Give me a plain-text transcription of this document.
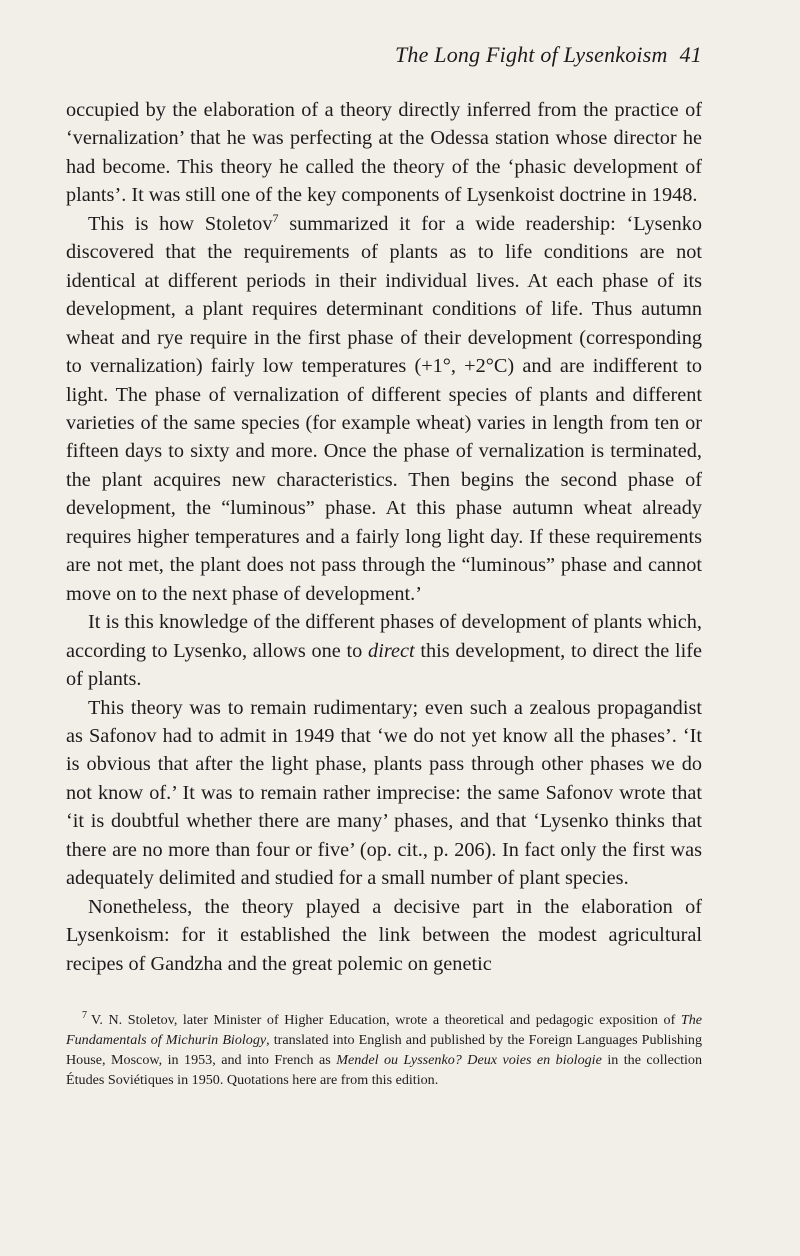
The Long Fight of Lysenkoism 41

occupied by the elaboration of a theory directly inferred from the practice of ‘vernalization’ that he was perfecting at the Odessa station whose director he had become. This theory he called the theory of the ‘phasic development of plants’. It was still one of the key components of Lysenkoist doctrine in 1948.

This is how Stoletov$^7$ summarized it for a wide readership: ‘Lysenko discovered that the requirements of plants as to life conditions are not identical at different periods in their individual lives. At each phase of its development, a plant requires determinant conditions of life. Thus autumn wheat and rye require in the first phase of their development (corresponding to vernalization) fairly low temperatures (+1°, +2°C) and are indifferent to light. The phase of vernalization of different species of plants and different varieties of the same species (for example wheat) varies in length from ten or fifteen days to sixty and more. Once the phase of vernalization is terminated, the plant acquires new characteristics. Then begins the second phase of development, the “luminous” phase. At this phase autumn wheat already requires higher temperatures and a fairly long light day. If these requirements are not met, the plant does not pass through the “luminous” phase and cannot move on to the next phase of development.’

It is this knowledge of the different phases of development of plants which, according to Lysenko, allows one to direct this development, to direct the life of plants.

This theory was to remain rudimentary; even such a zealous propagandist as Safonov had to admit in 1949 that ‘we do not yet know all the phases’. ‘It is obvious that after the light phase, plants pass through other phases we do not know of.’ It was to remain rather imprecise: the same Safonov wrote that ‘it is doubtful whether there are many’ phases, and that ‘Lysenko thinks that there are no more than four or five’ (op. cit., p. 206). In fact only the first was adequately delimited and studied for a small number of plant species.

Nonetheless, the theory played a decisive part in the elaboration of Lysenkoism: for it established the link between the modest agricultural recipes of Gandzha and the great polemic on genetic

$^7$ V. N. Stoletov, later Minister of Higher Education, wrote a theoretical and pedagogic exposition of The Fundamentals of Michurin Biology, translated into English and published by the Foreign Languages Publishing House, Moscow, in 1953, and into French as Mendel ou Lyssenko? Deux voies en biologie in the collection Études Soviétiques in 1950. Quotations here are from this edition.
